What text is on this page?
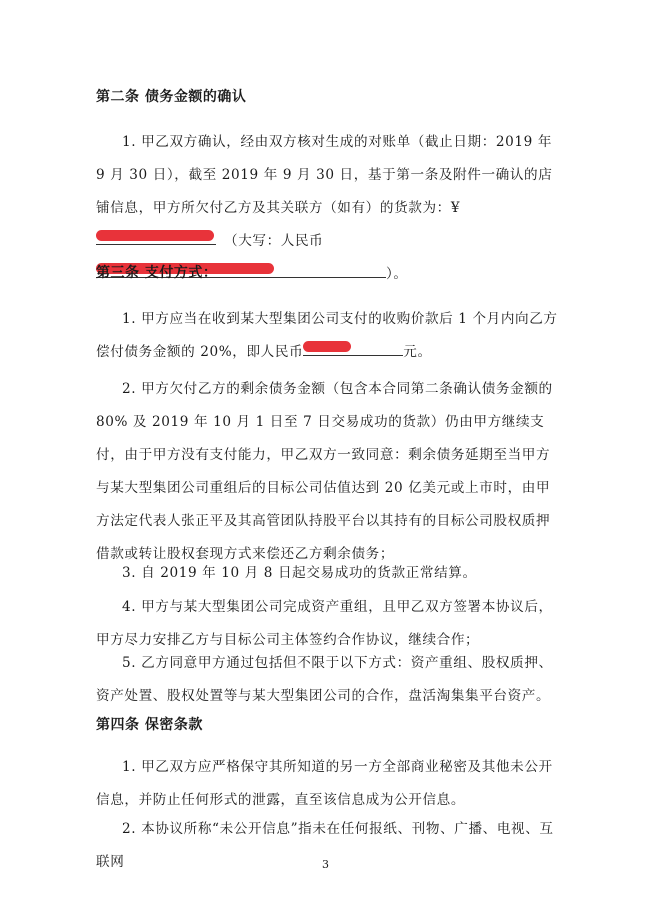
第二条 债务金额的确认

1. 甲乙双方确认，经由双方核对生成的对账单（截止日期：2019 年 9 月 30 日），截至 2019 年 9 月 30 日，基于第一条及附件一确认的店铺信息，甲方所欠付乙方及其关联方（如有）的货款为：¥
（大写：人民币
）。

第三条 支付方式：

1. 甲方应当在收到某大型集团公司支付的收购价款后 1 个月内向乙方偿付债务金额的 20%，即人民币	元。

2. 甲方欠付乙方的剩余债务金额（包含本合同第二条确认债务金额的 80% 及 2019 年 10 月 1 日至 7 日交易成功的货款）仍由甲方继续支付，由于甲方没有支付能力，甲乙双方一致同意：剩余债务延期至当甲方与某大型集团公司重组后的目标公司估值达到 20 亿美元或上市时，由甲方法定代表人张正平及其高管团队持股平台以其持有的目标公司股权质押借款或转让股权套现方式来偿还乙方剩余债务；

3. 自 2019 年 10 月 8 日起交易成功的货款正常结算。

4. 甲方与某大型集团公司完成资产重组，且甲乙双方签署本协议后，甲方尽力安排乙方与目标公司主体签约合作协议，继续合作；

5. 乙方同意甲方通过包括但不限于以下方式：资产重组、股权质押、资产处置、股权处置等与某大型集团公司的合作，盘活淘集集平台资产。

第四条 保密条款

1. 甲乙双方应严格保守其所知道的另一方全部商业秘密及其他未公开信息，并防止任何形式的泄露，直至该信息成为公开信息。

2. 本协议所称“未公开信息”指未在任何报纸、刊物、广播、电视、互联网	3
